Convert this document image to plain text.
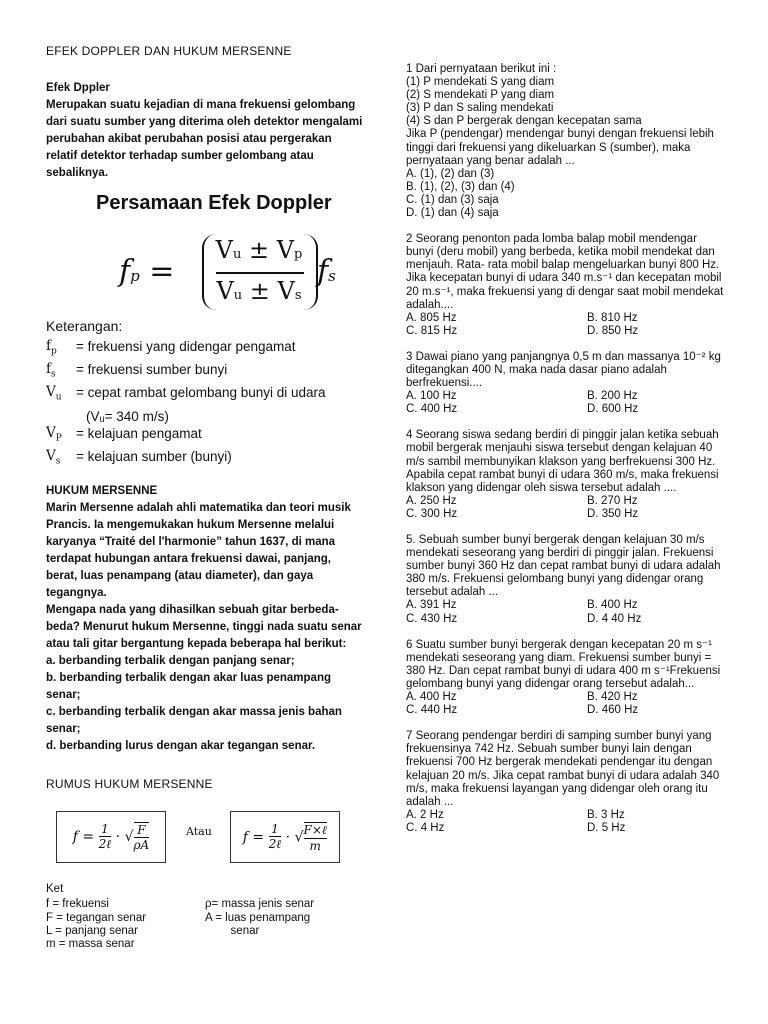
EFEK DOPPLER DAN HUKUM MERSENNE
Efek Dppler
Merupakan suatu kejadian di mana frekuensi gelombang dari suatu sumber yang diterima oleh detektor mengalami perubahan akibat perubahan posisi atau pergerakan relatif detektor terhadap sumber gelombang atau sebaliknya.
Persamaan Efek Doppler
fp =
Vu ± Vp
Vu ± Vs
fs
Keterangan:
$f_p$	= frekuensi yang didengar pengamat
$f_s$	= frekuensi sumber bunyi
$V_u$	= cepat rambat gelombang bunyi di udara
(Vᵤ= 340 m/s)
$V_P$	= kelajuan pengamat
$V_s$	= kelajuan sumber (bunyi)
HUKUM MERSENNE
Marin Mersenne adalah ahli matematika dan teori musik Prancis. Ia mengemukakan hukum Mersenne melalui karyanya “Traité del l'harmonie” tahun 1637, di mana terdapat hubungan antara frekuensi dawai, panjang, berat, luas penampang (atau diameter), dan gaya tegangnya.
Mengapa nada yang dihasilkan sebuah gitar berbeda-beda? Menurut hukum Mersenne, tinggi nada suatu senar atau tali gitar bergantung kepada beberapa hal berikut:
a. berbanding terbalik dengan panjang senar;
b. berbanding terbalik dengan akar luas penampang senar;
c. berbanding terbalik dengan akar massa jenis bahan senar;
d. berbanding lurus dengan akar tegangan senar.
RUMUS HUKUM MERSENNE
f = 1
2ℓ · √ $\frac{F}{\rho A}$	Atau f = 1
2ℓ · √ F×ℓ
m
Ket
f = frekuensi	ρ= massa jenis senar
F = tegangan senar	A = luas penampang
L = panjang senar	senar
m = massa senar
1 Dari pernyataan berikut ini :
(1) P mendekati S yang diam
(2) S mendekati P yang diam
(3) P dan S saling mendekati
(4) S dan P bergerak dengan kecepatan sama
Jika P (pendengar) mendengar bunyi dengan frekuensi lebih tinggi dari frekuensi yang dikeluarkan S (sumber), maka pernyataan yang benar adalah ...
A. (1), (2) dan (3)
B. (1), (2), (3) dan (4)
C. (1) dan (3) saja
D. (1) dan (4) saja
2 Seorang penonton pada lomba balap mobil mendengar bunyi (deru mobil) yang berbeda, ketika mobil mendekat dan menjauh. Rata- rata mobil balap mengeluarkan bunyi 800 Hz. Jika kecepatan bunyi di udara 340 m.s⁻¹ dan kecepatan mobil 20 m.s⁻¹, maka frekuensi yang di dengar saat mobil mendekat adalah....
A. 805 Hz	B. 810 Hz
C. 815 Hz	D. 850 Hz
3 Dawai piano yang panjangnya 0,5 m dan massanya 10⁻² kg ditegangkan 400 N, maka nada dasar piano adalah berfrekuensi....
A. 100 Hz	B. 200 Hz
C. 400 Hz	D. 600 Hz
4 Seorang siswa sedang berdiri di pinggir jalan ketika sebuah mobil bergerak menjauhi siswa tersebut dengan kelajuan 40 m/s sambil membunyikan klakson yang berfrekuensi 300 Hz. Apabila cepat rambat bunyi di udara 360 m/s, maka frekuensi klakson yang didengar oleh siswa tersebut adalah ....
A. 250 Hz	B. 270 Hz
C. 300 Hz	D. 350 Hz
5. Sebuah sumber bunyi bergerak dengan kelajuan 30 m/s mendekati seseorang yang berdiri di pinggir jalan. Frekuensi sumber bunyi 360 Hz dan cepat rambat bunyi di udara adalah 380 m/s. Frekuensi gelombang bunyi yang didengar orang tersebut adalah ...
A. 391 Hz	B. 400 Hz
C. 430 Hz	D. 4 40 Hz
6 Suatu sumber bunyi bergerak dengan kecepatan 20 m s⁻¹ mendekati seseorang yang diam. Frekuensi sumber bunyi = 380 Hz. Dan cepat rambat bunyi di udara 400 m s⁻¹Frekuensi gelombang bunyi yang didengar orang tersebut adalah...
A. 400 Hz	B. 420 Hz
C. 440 Hz	D. 460 Hz
7 Seorang pendengar berdiri di samping sumber bunyi yang frekuensinya 742 Hz. Sebuah sumber bunyi lain dengan frekuensi 700 Hz bergerak mendekati pendengar itu dengan kelajuan 20 m/s. Jika cepat rambat bunyi di udara adalah 340 m/s, maka frekuensi layangan yang didengar oleh orang itu adalah ...
A. 2 Hz	B. 3 Hz
C. 4 Hz	D. 5 Hz
